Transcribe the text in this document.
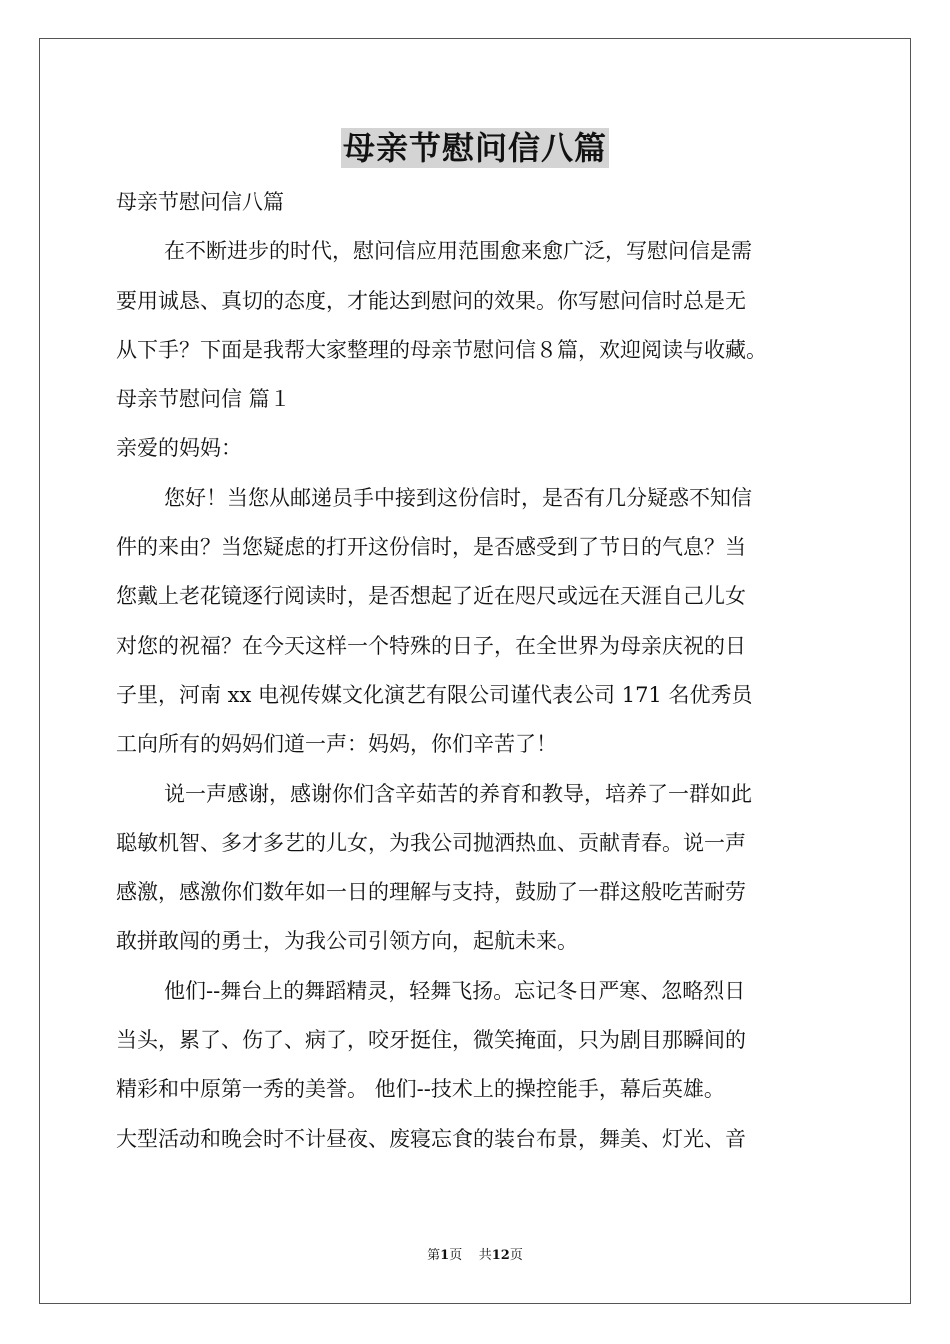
母亲节慰问信八篇
母亲节慰问信八篇
在不断进步的时代，慰问信应用范围愈来愈广泛，写慰问信是需
要用诚恳、真切的态度，才能达到慰问的效果。你写慰问信时总是无
从下手？下面是我帮大家整理的母亲节慰问信８篇，欢迎阅读与收藏。
母亲节慰问信 篇１
亲爱的妈妈：
您好！当您从邮递员手中接到这份信时，是否有几分疑惑不知信
件的来由？当您疑虑的打开这份信时，是否感受到了节日的气息？当
您戴上老花镜逐行阅读时，是否想起了近在咫尺或远在天涯自己儿女
对您的祝福？在今天这样一个特殊的日子，在全世界为母亲庆祝的日
子里，河南 xx 电视传媒文化演艺有限公司谨代表公司 171 名优秀员
工向所有的妈妈们道一声：妈妈，你们辛苦了！
说一声感谢，感谢你们含辛茹苦的养育和教导，培养了一群如此
聪敏机智、多才多艺的儿女，为我公司抛洒热血、贡献青春。说一声
感激，感激你们数年如一日的理解与支持，鼓励了一群这般吃苦耐劳
敢拼敢闯的勇士，为我公司引领方向，起航未来。
他们--舞台上的舞蹈精灵，轻舞飞扬。忘记冬日严寒、忽略烈日
当头，累了、伤了、病了，咬牙挺住，微笑掩面，只为剧目那瞬间的
精彩和中原第一秀的美誉。 他们--技术上的操控能手，幕后英雄。
大型活动和晚会时不计昼夜、废寝忘食的装台布景，舞美、灯光、音
第1页 共12页
